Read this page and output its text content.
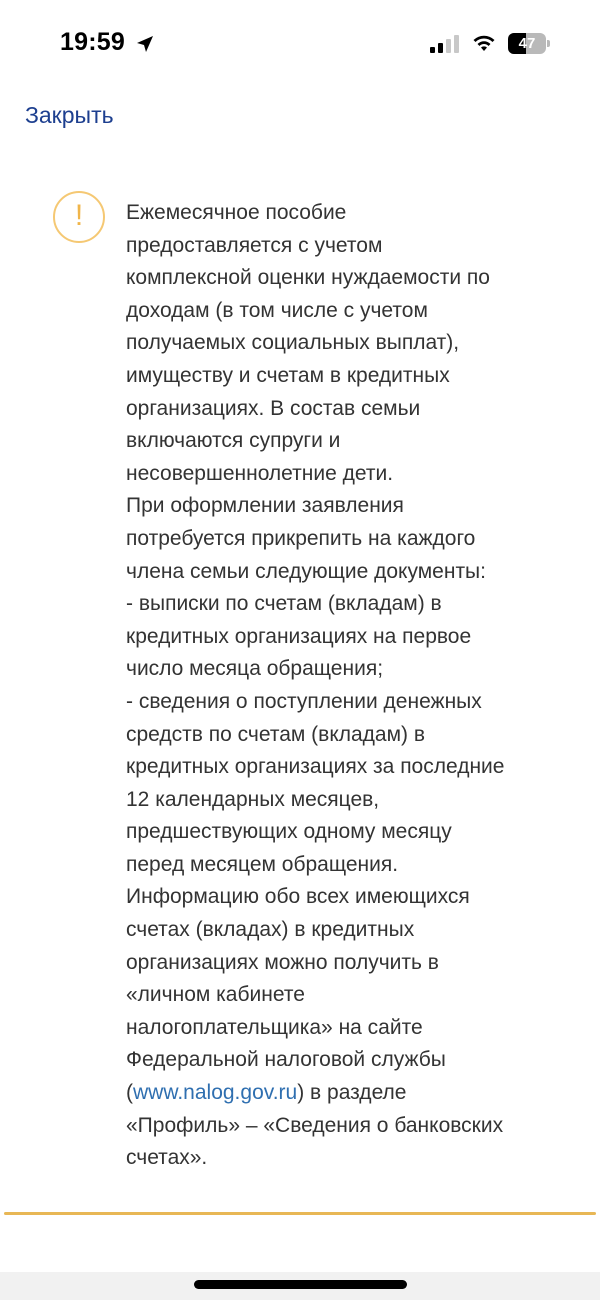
19:59	47
Закрыть
!	Ежемесячное пособие
предоставляется с учетом
комплексной оценки нуждаемости по
доходам (в том числе с учетом
получаемых социальных выплат),
имуществу и счетам в кредитных
организациях. В состав семьи
включаются супруги и
несовершеннолетние дети.
При оформлении заявления
потребуется прикрепить на каждого
члена семьи следующие документы:
- выписки по счетам (вкладам) в
кредитных организациях на первое
число месяца обращения;
- сведения о поступлении денежных
средств по счетам (вкладам) в
кредитных организациях за последние
12 календарных месяцев,
предшествующих одному месяцу
перед месяцем обращения.
Информацию обо всех имеющихся
счетах (вкладах) в кредитных
организациях можно получить в
«личном кабинете
налогоплательщика» на сайте
Федеральной налоговой службы
(www.nalog.gov.ru) в разделе
«Профиль» – «Сведения о банковских
счетах».
